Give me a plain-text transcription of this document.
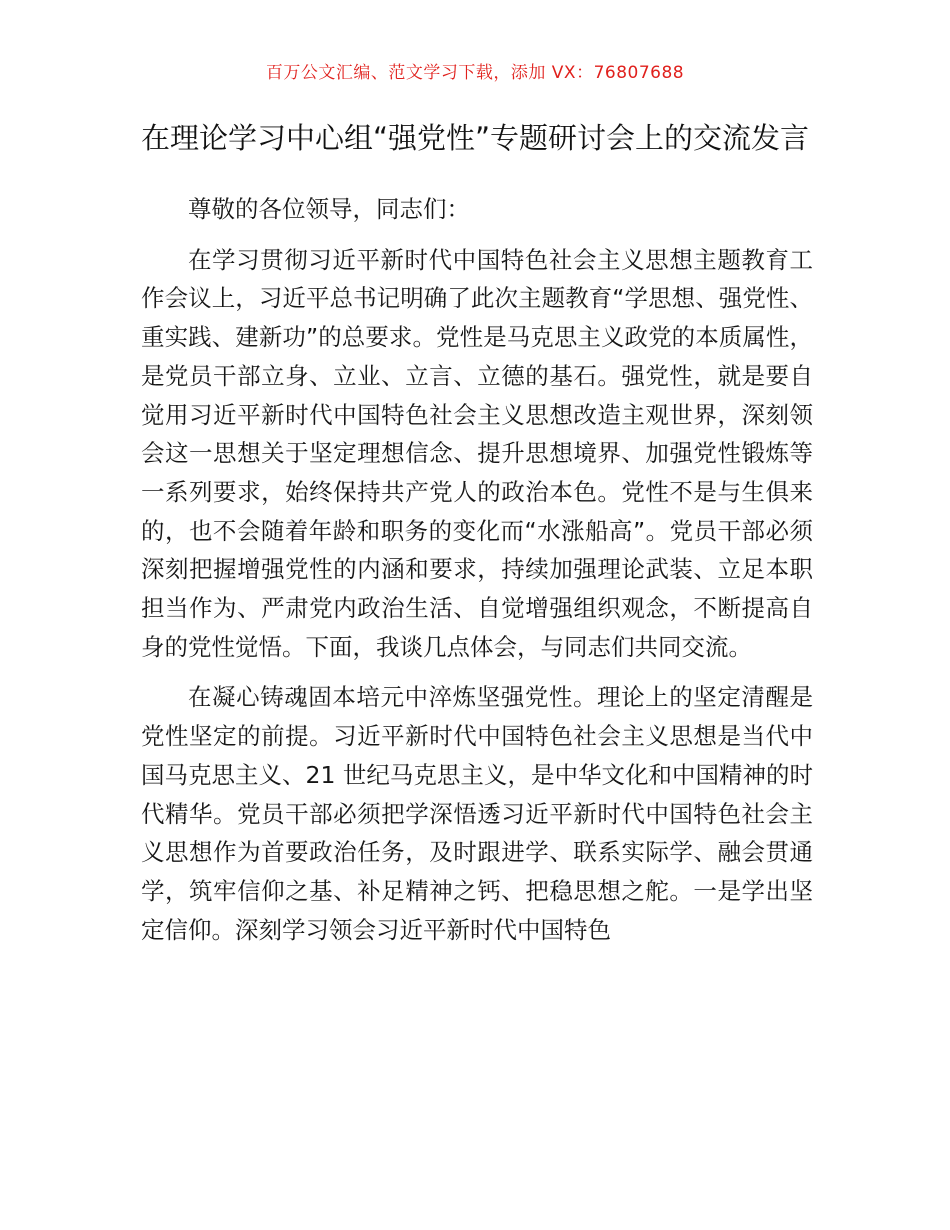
百万公文汇编、范文学习下载，添加 VX：76807688
在理论学习中心组“强党性”专题研讨会上的交流发言

尊敬的各位领导，同志们：

在学习贯彻习近平新时代中国特色社会主义思想主题教育工作会议上，习近平总书记明确了此次主题教育“学思想、强党性、重实践、建新功”的总要求。党性是马克思主义政党的本质属性，是党员干部立身、立业、立言、立德的基石。强党性，就是要自觉用习近平新时代中国特色社会主义思想改造主观世界，深刻领会这一思想关于坚定理想信念、提升思想境界、加强党性锻炼等一系列要求，始终保持共产党人的政治本色。党性不是与生俱来的，也不会随着年龄和职务的变化而“水涨船高”。党员干部必须深刻把握增强党性的内涵和要求，持续加强理论武装、立足本职担当作为、严肃党内政治生活、自觉增强组织观念，不断提高自身的党性觉悟。下面，我谈几点体会，与同志们共同交流。

在凝心铸魂固本培元中淬炼坚强党性。理论上的坚定清醒是党性坚定的前提。习近平新时代中国特色社会主义思想是当代中国马克思主义、21 世纪马克思主义，是中华文化和中国精神的时代精华。党员干部必须把学深悟透习近平新时代中国特色社会主义思想作为首要政治任务，及时跟进学、联系实际学、融会贯通学，筑牢信仰之基、补足精神之钙、把稳思想之舵。一是学出坚定信仰。深刻学习领会习近平新时代中国特色
